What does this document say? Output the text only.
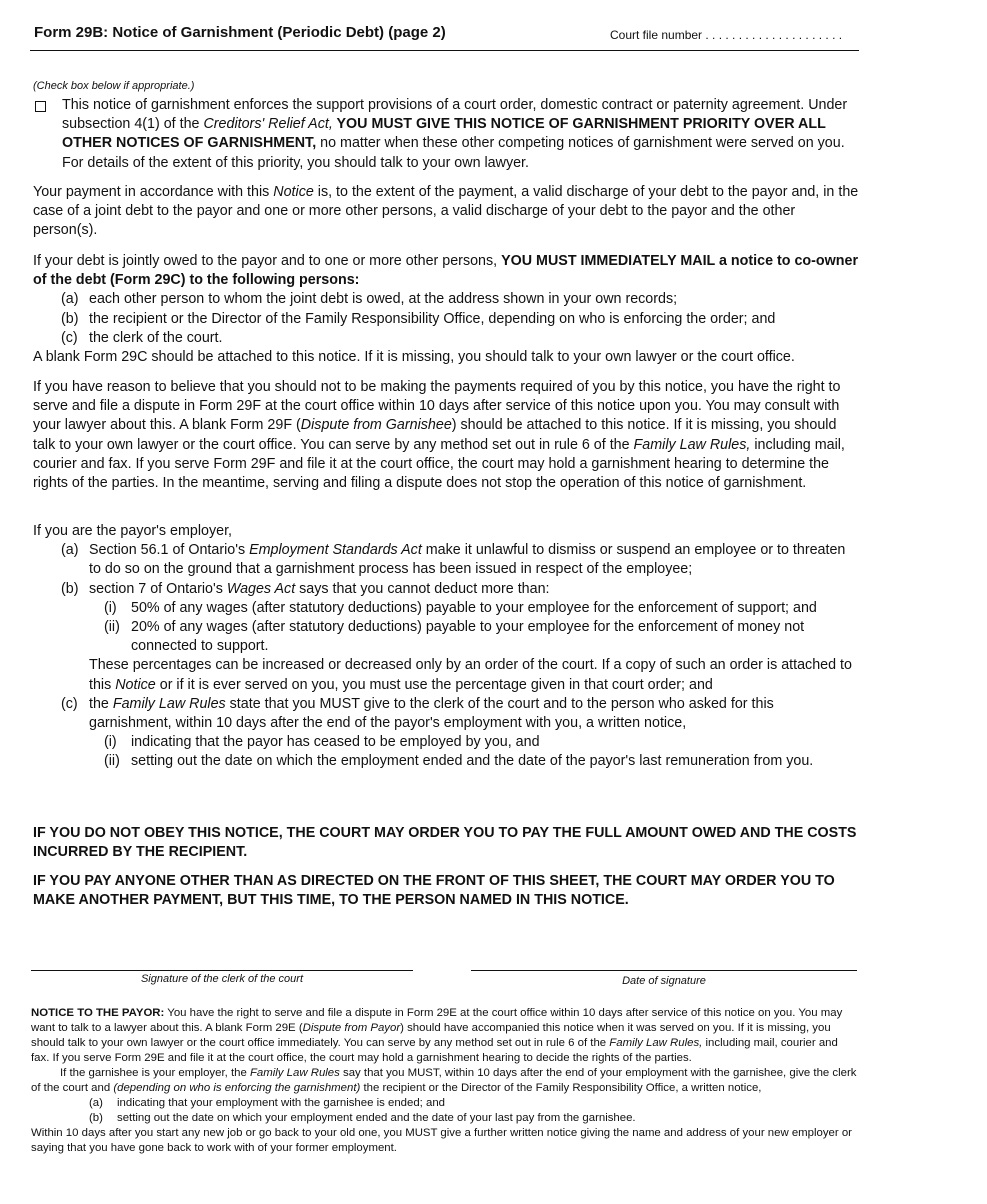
Form 29B: Notice of Garnishment (Periodic Debt) (page 2)	Court file number . . . . . . . . . . . . . . . . . . . . .
(Check box below if appropriate.)

This notice of garnishment enforces the support provisions of a court order, domestic contract or paternity agreement. Under subsection 4(1) of the Creditors' Relief Act, YOU MUST GIVE THIS NOTICE OF GARNISHMENT PRIORITY OVER ALL OTHER NOTICES OF GARNISHMENT, no matter when these other competing notices of garnishment were served on you. For details of the extent of this priority, you should talk to your own lawyer.

Your payment in accordance with this Notice is, to the extent of the payment, a valid discharge of your debt to the payor and, in the case of a joint debt to the payor and one or more other persons, a valid discharge of your debt to the payor and the other person(s).

If your debt is jointly owed to the payor and to one or more other persons, YOU MUST IMMEDIATELY MAIL a notice to co-owner of the debt (Form 29C) to the following persons:

(a) each other person to whom the joint debt is owed, at the address shown in your own records;
(b) the recipient or the Director of the Family Responsibility Office, depending on who is enforcing the order; and
(c) the clerk of the court.

A blank Form 29C should be attached to this notice. If it is missing, you should talk to your own lawyer or the court office.

If you have reason to believe that you should not to be making the payments required of you by this notice, you have the right to serve and file a dispute in Form 29F at the court office within 10 days after service of this notice upon you. You may consult with your lawyer about this. A blank Form 29F (Dispute from Garnishee) should be attached to this notice. If it is missing, you should talk to your own lawyer or the court office. You can serve by any method set out in rule 6 of the Family Law Rules, including mail, courier and fax. If you serve Form 29F and file it at the court office, the court may hold a garnishment hearing to determine the rights of the parties. In the meantime, serving and filing a dispute does not stop the operation of this notice of garnishment.

If you are the payor's employer,

(a) Section 56.1 of Ontario's Employment Standards Act make it unlawful to dismiss or suspend an employee or to threaten to do so on the ground that a garnishment process has been issued in respect of the employee;
(b) section 7 of Ontario's Wages Act says that you cannot deduct more than:
(i) 50% of any wages (after statutory deductions) payable to your employee for the enforcement of support; and
(ii) 20% of any wages (after statutory deductions) payable to your employee for the enforcement of money not connected to support.

These percentages can be increased or decreased only by an order of the court. If a copy of such an order is attached to this Notice or if it is ever served on you, you must use the percentage given in that court order; and

(c) the Family Law Rules state that you MUST give to the clerk of the court and to the person who asked for this garnishment, within 10 days after the end of the payor's employment with you, a written notice,
(i) indicating that the payor has ceased to be employed by you, and
(ii) setting out the date on which the employment ended and the date of the payor's last remuneration from you.
IF YOU DO NOT OBEY THIS NOTICE, THE COURT MAY ORDER YOU TO PAY THE FULL AMOUNT OWED AND THE COSTS INCURRED BY THE RECIPIENT.
IF YOU PAY ANYONE OTHER THAN AS DIRECTED ON THE FRONT OF THIS SHEET, THE COURT MAY ORDER YOU TO MAKE ANOTHER PAYMENT, BUT THIS TIME, TO THE PERSON NAMED IN THIS NOTICE.
Signature of the clerk of the court	Date of signature

NOTICE TO THE PAYOR: You have the right to serve and file a dispute in Form 29E at the court office within 10 days after service of this notice on you. You may want to talk to a lawyer about this. A blank Form 29E (Dispute from Payor) should have accompanied this notice when it was served on you. If it is missing, you should talk to your own lawyer or the court office immediately. You can serve by any method set out in rule 6 of the Family Law Rules, including mail, courier and fax. If you serve Form 29E and file it at the court office, the court may hold a garnishment hearing to decide the rights of the parties.

If the garnishee is your employer, the Family Law Rules say that you MUST, within 10 days after the end of your employment with the garnishee, give the clerk of the court and (depending on who is enforcing the garnishment) the recipient or the Director of the Family Responsibility Office, a written notice,

(a)	indicating that your employment with the garnishee is ended; and
(b)	setting out the date on which your employment ended and the date of your last pay from the garnishee.

Within 10 days after you start any new job or go back to your old one, you MUST give a further written notice giving the name and address of your new employer or saying that you have gone back to work with of your former employment.
